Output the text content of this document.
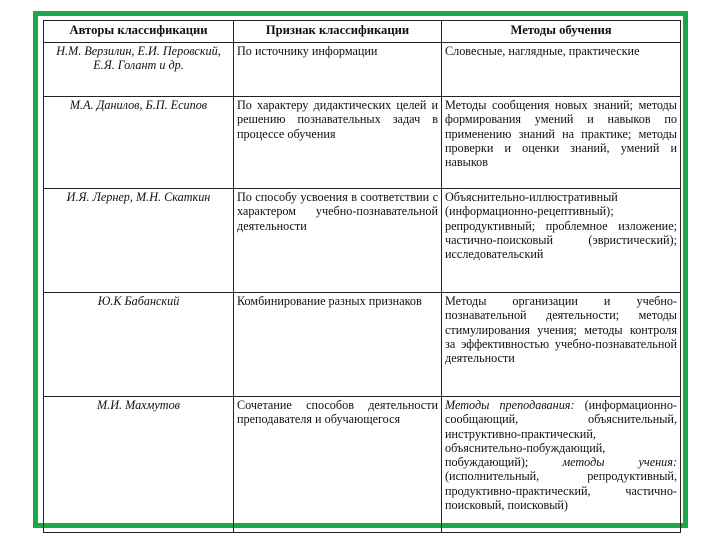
Авторы классификации	Признак классификации	Методы обучения
Н.М. Верзилин, Е.И. Перовский, Е.Я. Голант и др.	По источнику информации	Словесные, наглядные, практические
М.А. Данилов, Б.П. Есипов	По характеру дидактических целей и решению познавательных задач в процессе обучения	Методы сообщения новых знаний; методы формирования умений и навыков по применению знаний на практике; методы проверки и оценки знаний, умений и навыков
И.Я. Лернер, М.Н. Скаткин	По способу усвоения в соответствии с характером учебно-познавательной деятельности	Объяснительно-иллюстративный (информационно-рецептивный); репродуктивный; проблемное изложение; частично-поисковый (эвристический); исследовательский
Ю.К Бабанский	Комбинирование разных признаков	Методы организации и учебно-познавательной деятельности; методы стимулирования учения; методы контроля за эффективностью учебно-познавательной деятельности
М.И. Махмутов	Сочетание способов деятельности преподавателя и обучающегося	Методы преподавания: (информационно-сообщающий, объяснительный, инструктивно-практический, объяснительно-побуждающий, побуждающий); методы учения: (исполнительный, репродуктивный, продуктивно-практический, частично-поисковый, поисковый)
